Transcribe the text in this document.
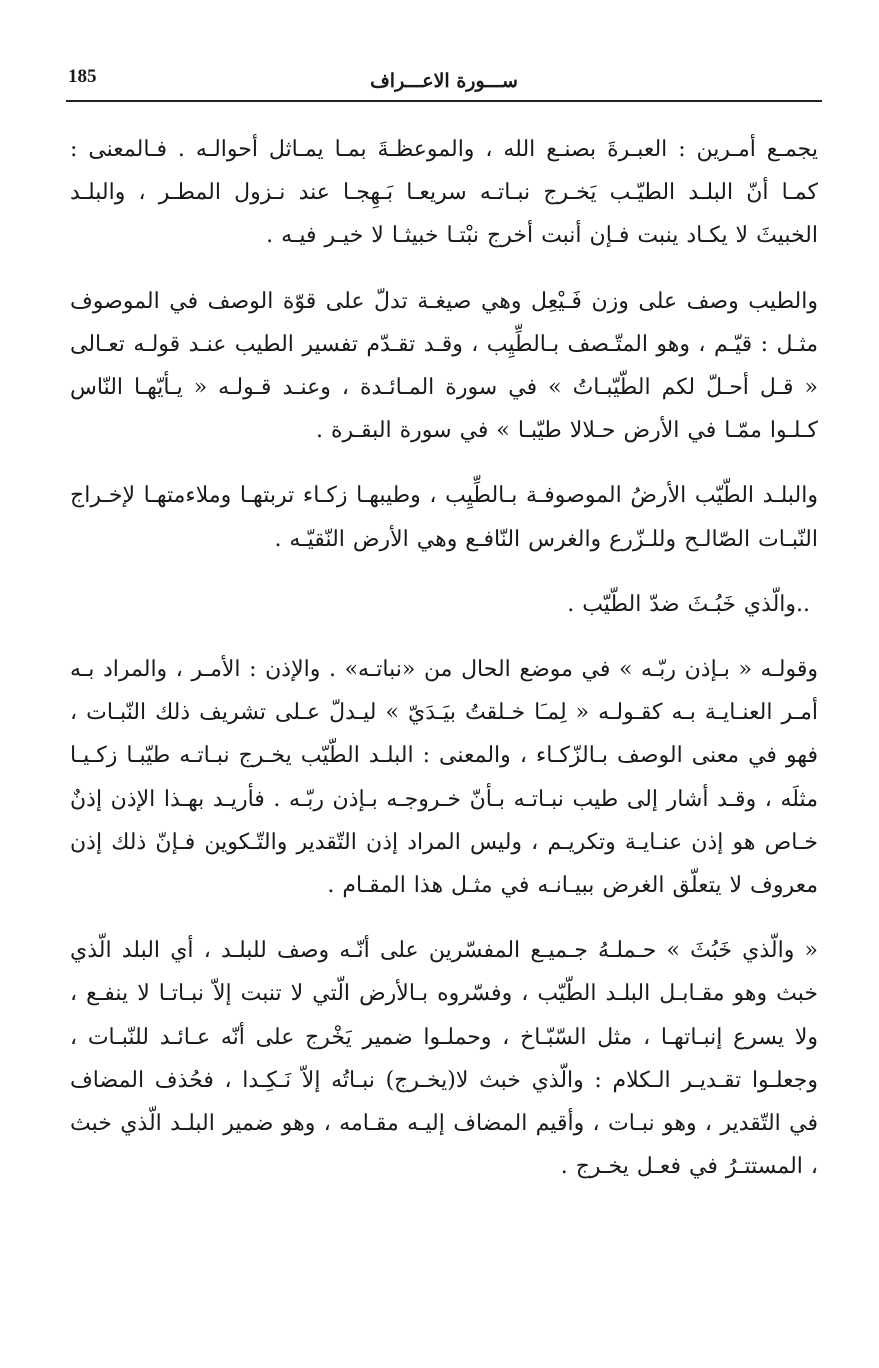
185	ســـورة الاعـــراف

يجمـع أمـرين : العبـرةَ بصنـع الله ، والموعظـةَ بمـا يمـاثل أحوالـه . فـالمعنى : كمـا أنّ البلـد الطيّـب يَخـرج نبـاتـه سريعـا بَـهِجـا عند نـزول المطـر ، والبلـد الخبيثَ لا يكـاد ينبت فـإن أنبت أخرج نبْتـا خبيثـا لا خيـر فيـه .

والطيب وصف على وزن فَـيْعِل وهي صيغـة تدلّ على قوّة الوصف في الموصوف مثـل : قيّـم ، وهو المتّـصف بـالطِّيِب ، وقـد تقـدّم تفسير الطيب عنـد قولـه تعـالى « قـل أحـلّ لكم الطّيّبـاتُ » في سورة المـائـدة ، وعنـد قـولـه « يـأيّهـا النّاس كـلـوا ممّـا في الأرض حـلالا طيّبـا » في سورة البقـرة .

والبلـد الطّيّب الأرضُ الموصوفـة بـالطِّيِب ، وطيبهـا زكـاء تربتهـا وملاءمتهـا لإخـراج النّبـات الصّالـح وللـزّرع والغرس النّافـع وهي الأرض النّقيّـه .

..والّذي خَبُـثَ ضدّ الطّيّب .

وقولـه « بـإذن ربّـه » في موضع الحال من «نباتـه» . والإذن : الأمـر ، والمراد بـه أمـر العنـايـة بـه كقـولـه « لِمـَا خـلقتُ بيَـدَيّ » ليـدلّ عـلى تشريف ذلك النّبـات ، فهو في معنى الوصف بـالزّكـاء ، والمعنى : البلـد الطّيّب يخـرج نبـاتـه طيّبـا زكـيـا مثلَه ، وقـد أشار إلى طيب نبـاتـه بـأنّ خـروجـه بـإذن ربّـه . فأريـد بهـذا الإذن إذنٌ خـاص هو إذن عنـايـة وتكريـم ، وليس المراد إذن التّقدير والتّـكوين فـإنّ ذلك إذن معروف لا يتعلّق الغرض ببيـانـه في مثـل هذا المقـام .

« والّذي خَبُثَ » حـملـهُ جـميـع المفسّرين على أنّـه وصف للبلـد ، أي البلد الّذي خبث وهو مقـابـل البلـد الطّيّب ، وفسّروه بـالأرض الّتي لا تنبت إلاّ نبـاتـا لا ينفـع ، ولا يسرع إنبـاتهـا ، مثل السّبّـاخ ، وحملـوا ضمير يَخْرج على أنّه عـائـد للنّبـات ، وجعلـوا تقـديـر الـكلام : والّذي خبث لا(يخـرج) نبـاتُه إلاّ نَـكِـدا ، فحُذف المضاف في التّقدير ، وهو نبـات ، وأقيم المضاف إليـه مقـامه ، وهو ضمير البلـد الّذي خبث ، المستتـرُ في فعـل يخـرج .
